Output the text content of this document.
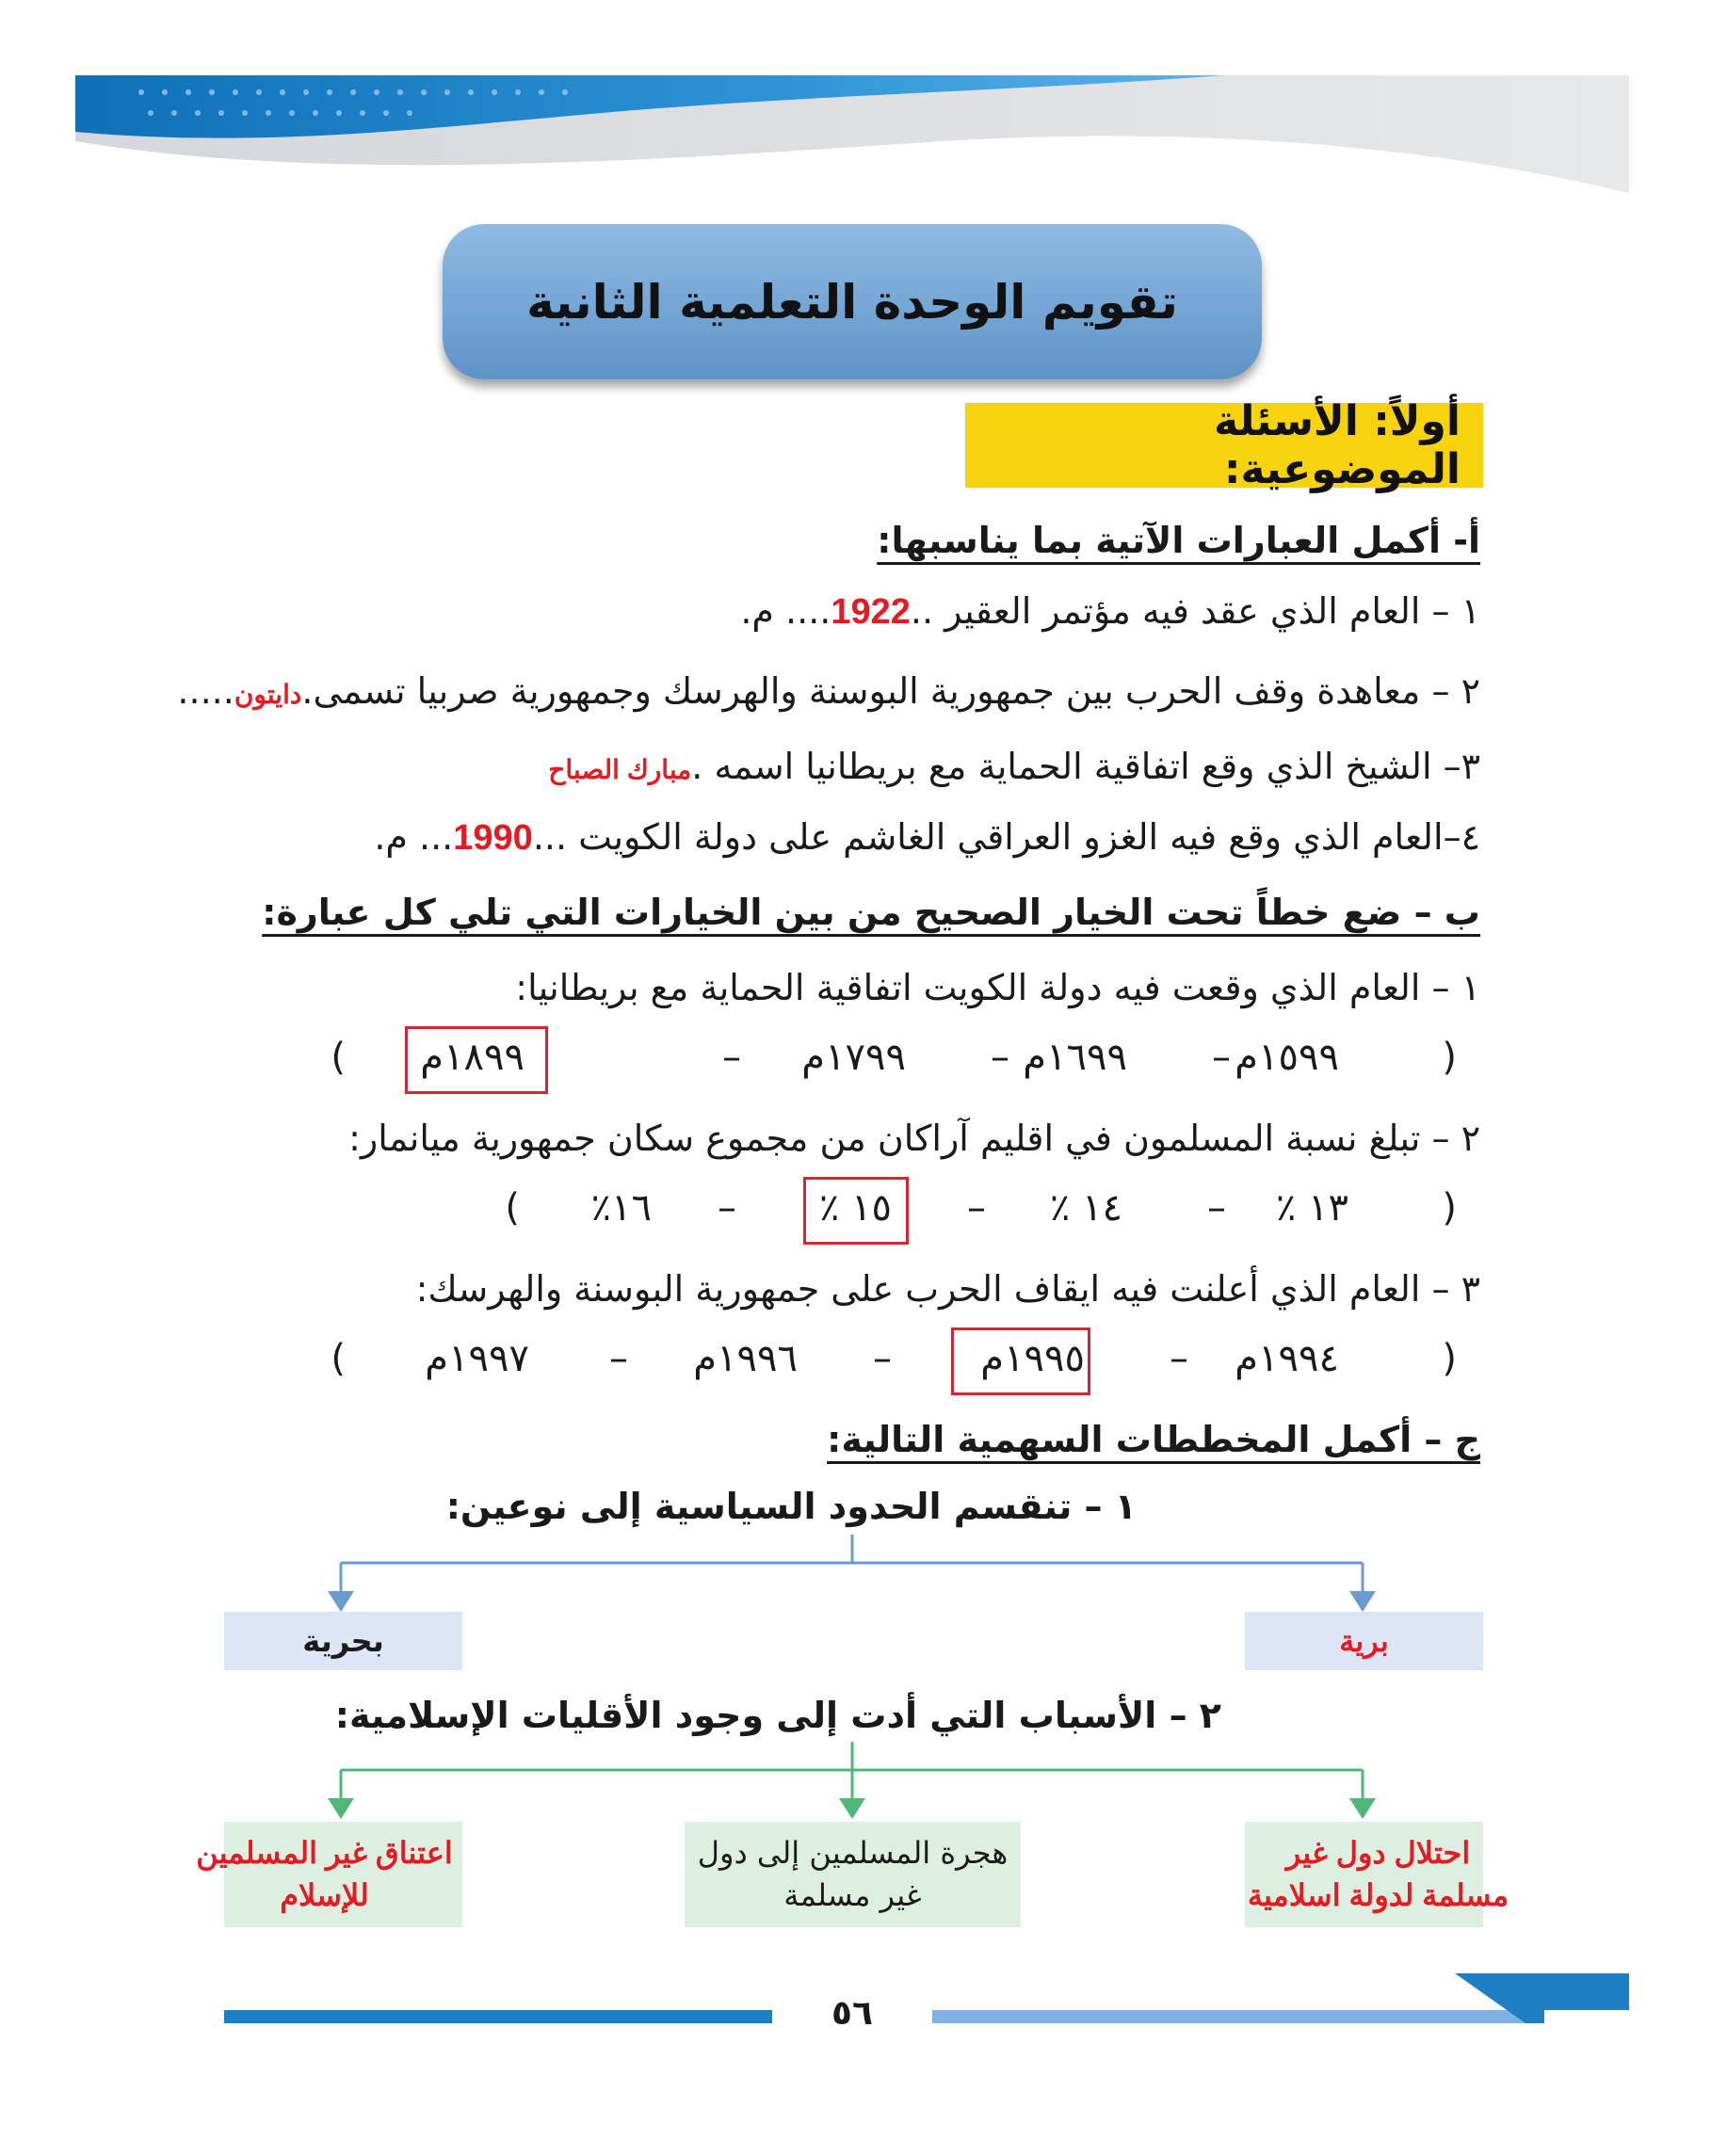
تقويم الوحدة التعلمية الثانية
أولاً: الأسئلة الموضوعية:
أ- أكمل العبارات الآتية بما يناسبها:
١ – العام الذي عقد فيه مؤتمر العقير ..1922.... م.
٢ – معاهدة وقف الحرب بين جمهورية البوسنة والهرسك وجمهورية صربيا تسمى.دايتون.....
٣– الشيخ الذي وقع اتفاقية الحماية مع بريطانيا اسمه .مبارك الصباح
٤–العام الذي وقع فيه الغزو العراقي الغاشم على دولة الكويت ...1990... م.
ب – ضع خطاً تحت الخيار الصحيح من بين الخيارات التي تلي كل عبارة:
١ – العام الذي وقعت فيه دولة الكويت اتفاقية الحماية مع بريطانيا:
(
١٥٩٩م
–
١٦٩٩م
–
١٧٩٩م
–
١٨٩٩م
)
٢ – تبلغ نسبة المسلمون في اقليم آراكان من مجموع سكان جمهورية ميانمار:
(
١٣ ٪
–
١٤ ٪
–
١٥ ٪
–
١٦٪
)
٣ – العام الذي أعلنت فيه ايقاف الحرب على جمهورية البوسنة والهرسك:
(
١٩٩٤م
–
١٩٩٥م
–
١٩٩٦م
–
١٩٩٧م
)
ج – أكمل المخططات السهمية التالية:
١ – تنقسم الحدود السياسية إلى نوعين:
برية
بحرية
٢ – الأسباب التي أدت إلى وجود الأقليات الإسلامية:
احتلال دول غير
مسلمة لدولة اسلامية
هجرة المسلمين إلى دول
غير مسلمة
اعتناق غير المسلمين
للإسلام
٥٦
